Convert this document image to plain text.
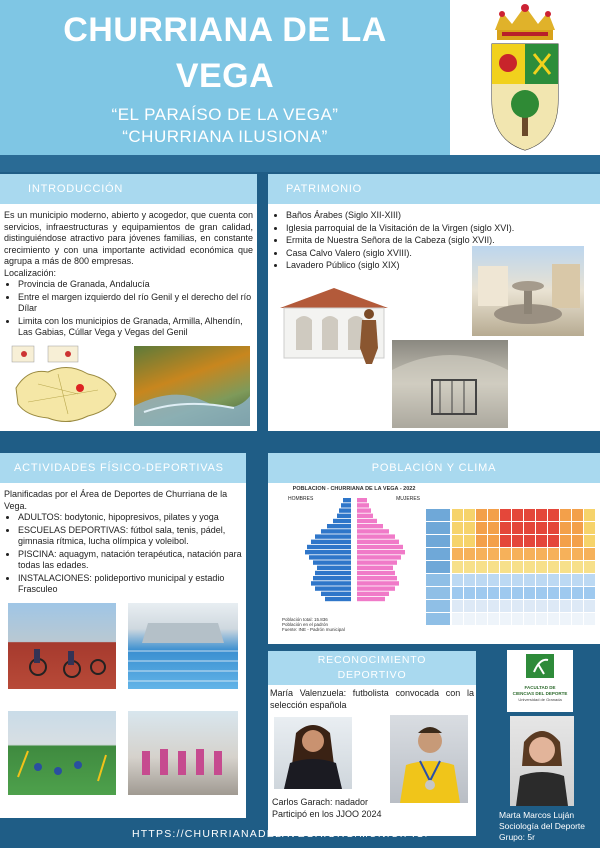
CHURRIANA DE LA
VEGA
“EL PARAÍSO DE LA VEGA”
“CHURRIANA ILUSIONA”
INTRODUCCIÓN

Es un municipio moderno, abierto y acogedor, que cuenta con servicios, infraestructuras y equipamientos de gran calidad, distinguiéndose atractivo para jóvenes familias, en constante crecimiento y con una importante actividad económica que agrupa a más de 800 empresas.

Localización:
• Provincia de Granada, Andalucía
• Entre el margen izquierdo del río Genil y el derecho del río Dílar
• Limita con los municipios de Granada, Armilla, Alhendín, Las Gabias, Cúllar Vega y Vegas del Genil
PATRIMONIO
• Baños Árabes (Siglo XII-XIII)
• Iglesia parroquial de la Visitación de la Virgen (siglo XVI).
• Ermita de Nuestra Señora de la Cabeza (siglo XVII).
• Casa Calvo Valero (siglo XVIII).
• Lavadero Público (siglo XIX)
ACTIVIDADES FÍSICO-DEPORTIVAS

Planificadas por el Área de Deportes de Churriana de la Vega.

• ADULTOS: bodytonic, hipopresivos, pilates y yoga
• ESCUELAS DEPORTIVAS: fútbol sala, tenis, pádel, gimnasia rítmica, lucha olímpica y voleibol.
• PISCINA: aquagym, natación terapéutica, natación para todas las edades.
• INSTALACIONES: polideportivo municipal y estadio Frasculeo
POBLACIÓN Y CLIMA
POBLACIÓN - CHURRIANA DE LA VEGA - 2022
HOMBRES	MUJERES
Población total: 15.836
Población en el padrón
Fuente: INE - Padrón municipal
RECONOCIMIENTO
DEPORTIVO

María Valenzuela: futbolista convocada con la selección española

Carlos Garach: nadador
Participó en los JJOO 2024
FACULTAD DE
CIENCIAS DEL DEPORTE
Universidad de Granada
Marta Marcos Luján
Sociología del Deporte
Grupo: 5r
HTTPS://CHURRIANADELAVEGA.ORG/MUNICIPIO/
